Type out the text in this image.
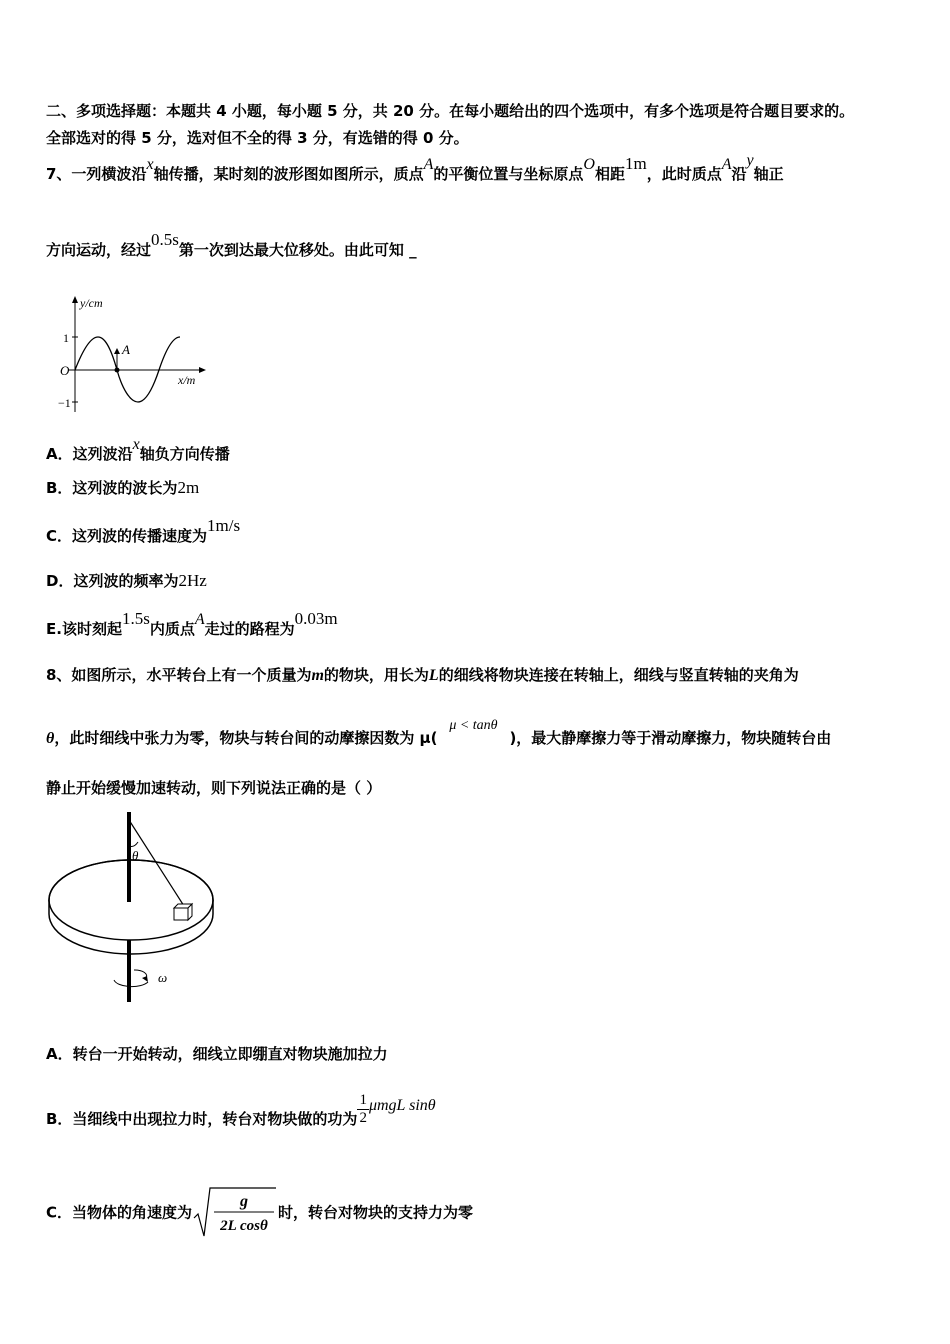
二、多项选择题：本题共 4 小题，每小题 5 分，共 20 分。在每小题给出的四个选项中，有多个选项是符合题目要求的。
全部选对的得 5 分，选对但不全的得 3 分，有选错的得 0 分。
7、一列横波沿x轴传播，某时刻的波形图如图所示，质点A的平衡位置与坐标原点O相距1m，此时质点A沿y轴正
方向运动，经过0.5s第一次到达最大位移处。由此可知 _
y/cm
x/m
O
1
−1
A
A．这列波沿x轴负方向传播
B．这列波的波长为2m
C．这列波的传播速度为1m/s
D．这列波的频率为2Hz
E.该时刻起1.5s内质点A走过的路程为0.03m
8、如图所示，水平转台上有一个质量为m的物块，用长为L的细线将物块连接在转轴上，细线与竖直转轴的夹角为
θ，此时细线中张力为零，物块与转台间的动摩擦因数为 μ(μ < tanθ)，最大静摩擦力等于滑动摩擦力，物块随转台由
静止开始缓慢加速转动，则下列说法正确的是（ ）
θ
ω
A．转台一开始转动，细线立即绷直对物块施加拉力
B．当细线中出现拉力时，转台对物块做的功为 $\frac{1}{2}$ μmgL sinθ
C．当物体的角速度为
g
2L cosθ
时，转台对物块的支持力为零
